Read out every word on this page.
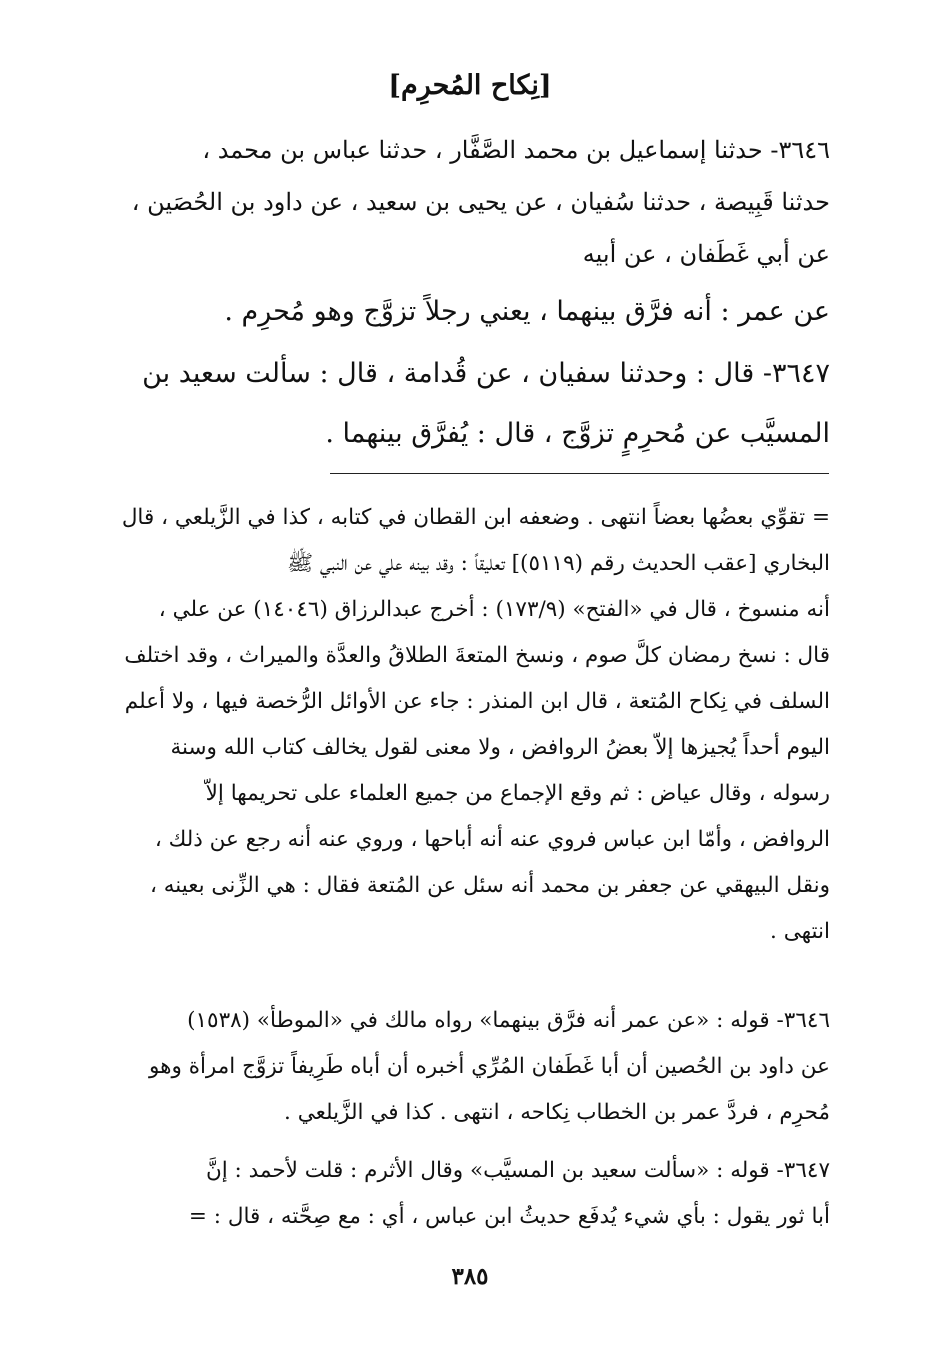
[نِكاح المُحرِم]
٣٦٤٦- حدثنا إسماعيل بن محمد الصَّفَّار ، حدثنا عباس بن محمد ،
حدثنا قَبِيصة ، حدثنا سُفيان ، عن يحيى بن سعيد ، عن داود بن الحُصَين ،
عن أبي غَطَفان ، عن أبيه
عن عمر : أنه فرَّق بينهما ، يعني رجلاً تزوَّج وهو مُحرِم .
٣٦٤٧- قال : وحدثنا سفيان ، عن قُدامة ، قال : سألت سعيد بن
المسيَّب عن مُحرِمٍ تزوَّج ، قال : يُفرَّق بينهما .
= تقوِّي بعضُها بعضاً انتهى . وضعفه ابن القطان في كتابه ، كذا في الزَّيلعي ، قال
البخاري [عقب الحديث رقم (٥١١٩)] تعليقاً : وقد بينه علي عن النبي ﷺ
أنه منسوخ ، قال في «الفتح» (١٧٣/٩) : أخرج عبدالرزاق (١٤٠٤٦) عن علي ،
قال : نسخ رمضان كلَّ صوم ، ونسخ المتعةَ الطلاقُ والعدَّة والميراث ، وقد اختلف
السلف في نِكاح المُتعة ، قال ابن المنذر : جاء عن الأوائل الرُّخصة فيها ، ولا أعلم
اليوم أحداً يُجيزها إلاّ بعضُ الروافض ، ولا معنى لقول يخالف كتاب الله وسنة
رسوله ، وقال عياض : ثم وقع الإجماع من جميع العلماء على تحريمها إلاّ
الروافض ، وأمّا ابن عباس فروي عنه أنه أباحها ، وروي عنه أنه رجع عن ذلك ،
ونقل البيهقي عن جعفر بن محمد أنه سئل عن المُتعة فقال : هي الزِّنى بعينه ،
انتهى .
٣٦٤٦- قوله : «عن عمر أنه فرَّق بينهما» رواه مالك في «الموطأ» (١٥٣٨)
عن داود بن الحُصين أن أبا غَطَفان المُرِّي أخبره أن أباه طَرِيفاً تزوَّج امرأة وهو
مُحرِم ، فردَّ عمر بن الخطاب نِكاحه ، انتهى . كذا في الزَّيلعي .
٣٦٤٧- قوله : «سألت سعيد بن المسيَّب» وقال الأثرم : قلت لأحمد : إنَّ
أبا ثور يقول : بأي شيء يُدفَع حديثُ ابن عباس ، أي : مع صِحَّته ، قال : =
٣٨٥
